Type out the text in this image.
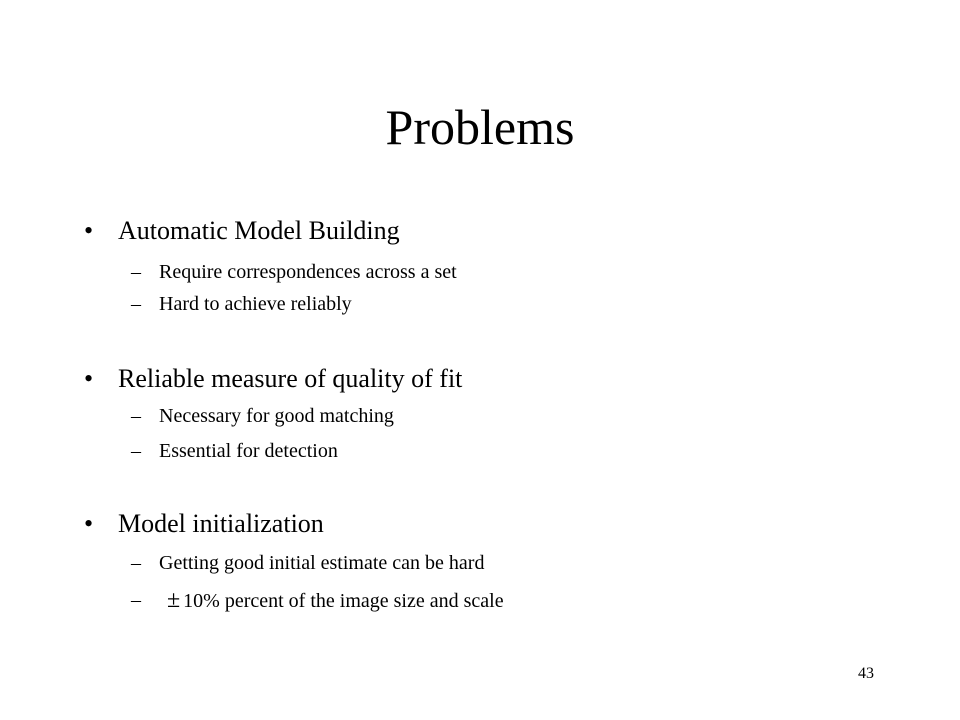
Problems
• Automatic Model Building
– Require correspondences across a set
– Hard to achieve reliably
• Reliable measure of quality of fit
– Necessary for good matching
– Essential for detection
• Model initialization
– Getting good initial estimate can be hard
– ± 10% percent of the image size and scale
43
